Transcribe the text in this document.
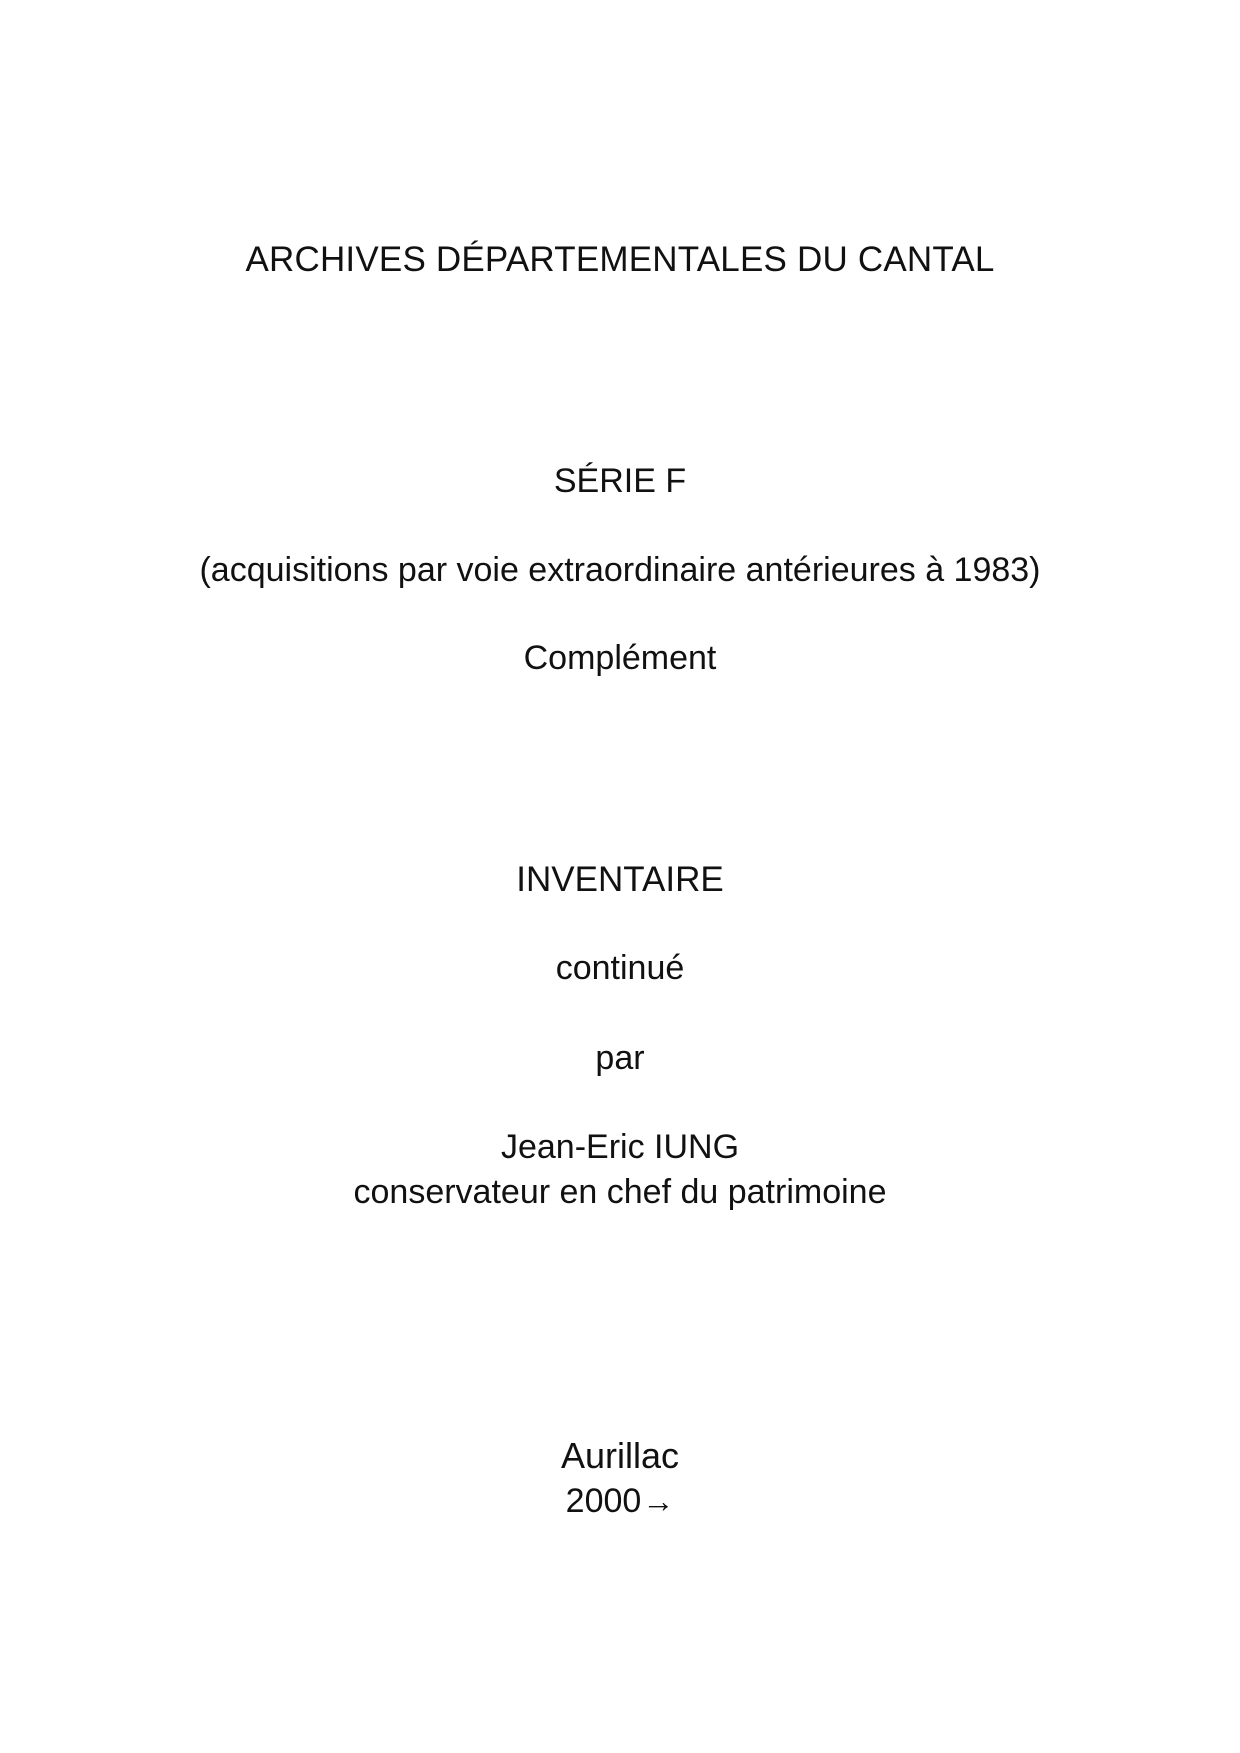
ARCHIVES DÉPARTEMENTALES DU CANTAL
SÉRIE F
(acquisitions par voie extraordinaire antérieures à 1983)
Complément
INVENTAIRE
continué
par
Jean-Eric IUNG
conservateur en chef du patrimoine
Aurillac
2000→
